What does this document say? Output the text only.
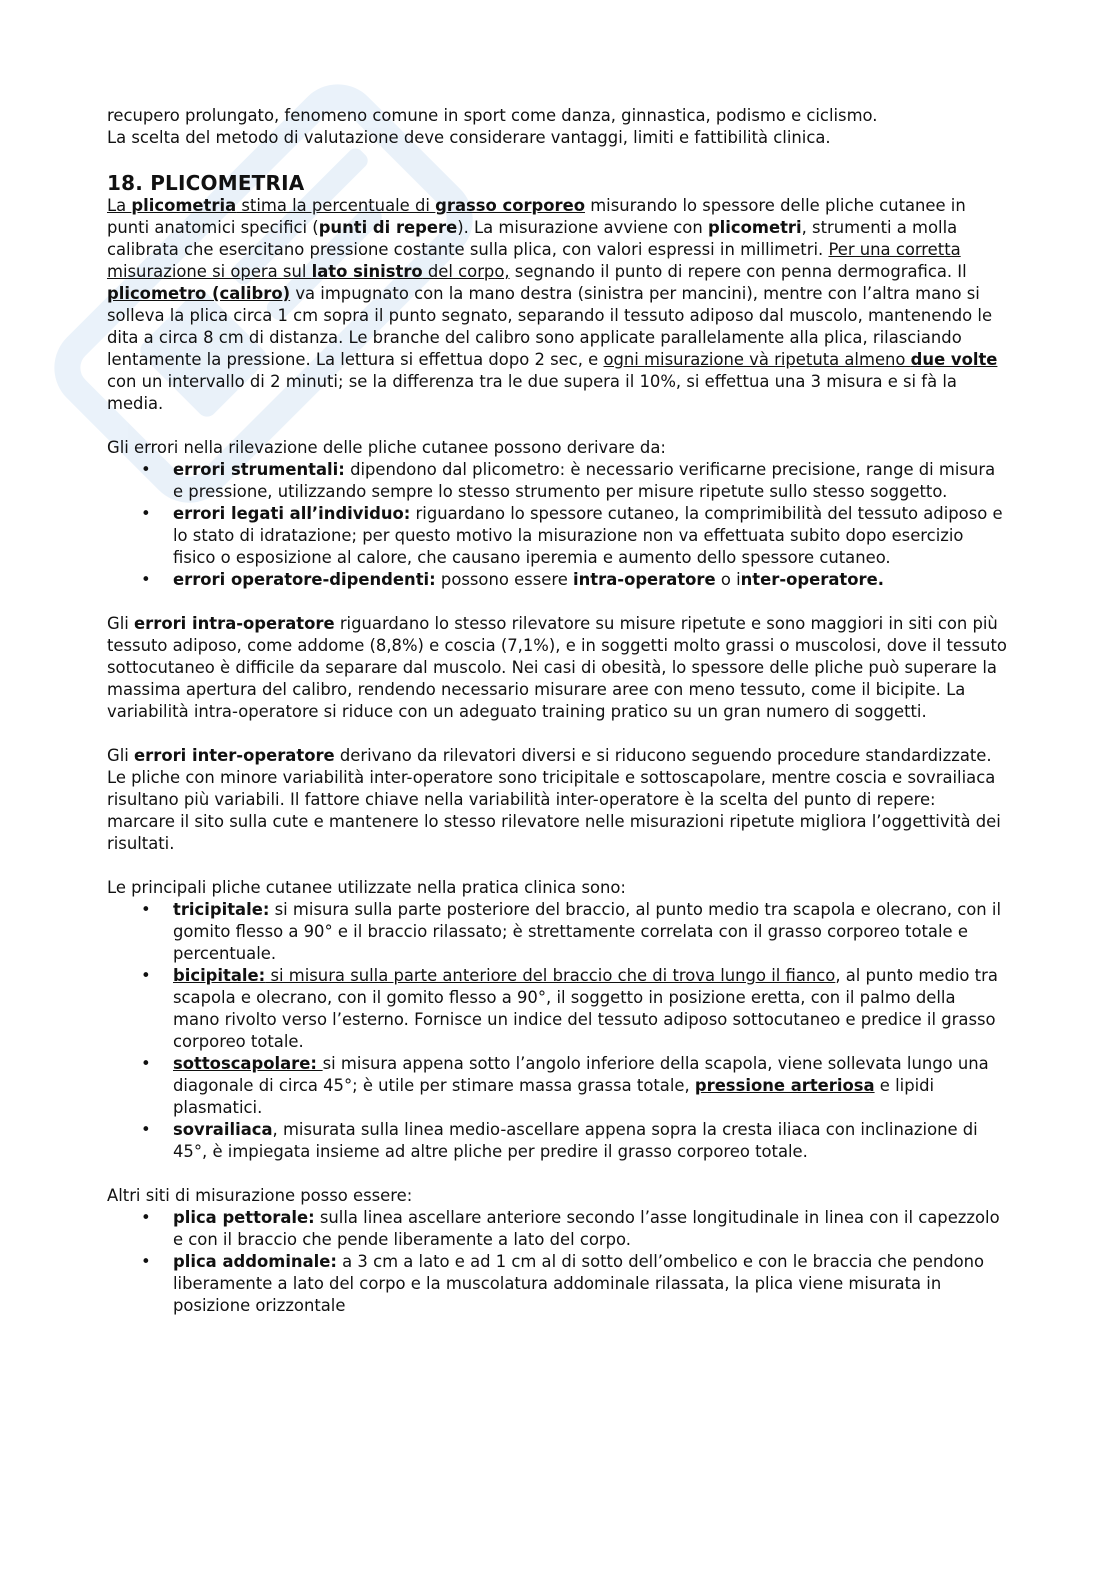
recupero prolungato, fenomeno comune in sport come danza, ginnastica, podismo e ciclismo.
La scelta del metodo di valutazione deve considerare vantaggi, limiti e fattibilità clinica.

18. PLICOMETRIA

La plicometria stima la percentuale di grasso corporeo misurando lo spessore delle pliche cutanee in punti anatomici specifici (punti di repere). La misurazione avviene con plicometri, strumenti a molla calibrata che esercitano pressione costante sulla plica, con valori espressi in millimetri. Per una corretta misurazione si opera sul lato sinistro del corpo, segnando il punto di repere con penna dermografica. Il plicometro (calibro) va impugnato con la mano destra (sinistra per mancini), mentre con l’altra mano si solleva la plica circa 1 cm sopra il punto segnato, separando il tessuto adiposo dal muscolo, mantenendo le dita a circa 8 cm di distanza. Le branche del calibro sono applicate parallelamente alla plica, rilasciando lentamente la pressione. La lettura si effettua dopo 2 sec, e ogni misurazione và ripetuta almeno due volte con un intervallo di 2 minuti; se la differenza tra le due supera il 10%, si effettua una 3 misura e si fà la media.

Gli errori nella rilevazione delle pliche cutanee possono derivare da:

• errori strumentali: dipendono dal plicometro: è necessario verificarne precisione, range di misura e pressione, utilizzando sempre lo stesso strumento per misure ripetute sullo stesso soggetto.
• errori legati all’individuo: riguardano lo spessore cutaneo, la comprimibilità del tessuto adiposo e lo stato di idratazione; per questo motivo la misurazione non va effettuata subito dopo esercizio fisico o esposizione al calore, che causano iperemia e aumento dello spessore cutaneo.
• errori operatore-dipendenti: possono essere intra-operatore o inter-operatore.

Gli errori intra-operatore riguardano lo stesso rilevatore su misure ripetute e sono maggiori in siti con più tessuto adiposo, come addome (8,8%) e coscia (7,1%), e in soggetti molto grassi o muscolosi, dove il tessuto sottocutaneo è difficile da separare dal muscolo. Nei casi di obesità, lo spessore delle pliche può superare la massima apertura del calibro, rendendo necessario misurare aree con meno tessuto, come il bicipite. La variabilità intra-operatore si riduce con un adeguato training pratico su un gran numero di soggetti.

Gli errori inter-operatore derivano da rilevatori diversi e si riducono seguendo procedure standardizzate. Le pliche con minore variabilità inter-operatore sono tricipitale e sottoscapolare, mentre coscia e sovrailiaca risultano più variabili. Il fattore chiave nella variabilità inter-operatore è la scelta del punto di repere: marcare il sito sulla cute e mantenere lo stesso rilevatore nelle misurazioni ripetute migliora l’oggettività dei risultati.

Le principali pliche cutanee utilizzate nella pratica clinica sono:

• tricipitale: si misura sulla parte posteriore del braccio, al punto medio tra scapola e olecrano, con il gomito flesso a 90° e il braccio rilassato; è strettamente correlata con il grasso corporeo totale e percentuale.
• bicipitale: si misura sulla parte anteriore del braccio che di trova lungo il fianco, al punto medio tra scapola e olecrano, con il gomito flesso a 90°, il soggetto in posizione eretta, con il palmo della mano rivolto verso l’esterno. Fornisce un indice del tessuto adiposo sottocutaneo e predice il grasso corporeo totale.
• sottoscapolare: si misura appena sotto l’angolo inferiore della scapola, viene sollevata lungo una diagonale di circa 45°; è utile per stimare massa grassa totale, pressione arteriosa e lipidi plasmatici.
• sovrailiaca, misurata sulla linea medio-ascellare appena sopra la cresta iliaca con inclinazione di 45°, è impiegata insieme ad altre pliche per predire il grasso corporeo totale.

Altri siti di misurazione posso essere:

• plica pettorale: sulla linea ascellare anteriore secondo l’asse longitudinale in linea con il capezzolo e con il braccio che pende liberamente a lato del corpo.
• plica addominale: a 3 cm a lato e ad 1 cm al di sotto dell’ombelico e con le braccia che pendono liberamente a lato del corpo e la muscolatura addominale rilassata, la plica viene misurata in posizione orizzontale
